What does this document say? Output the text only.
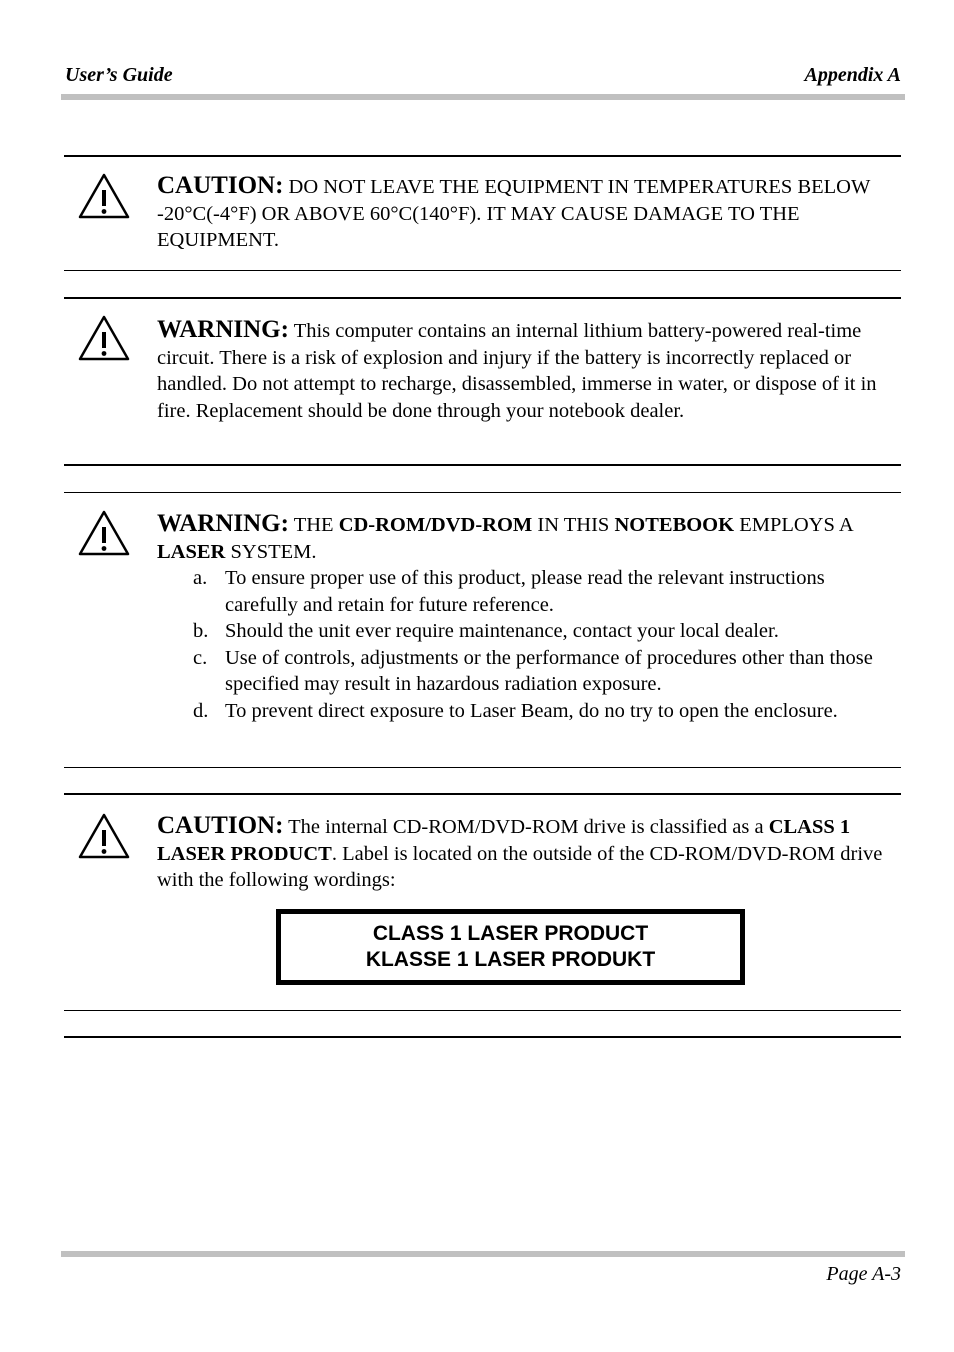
User’s Guide	Appendix A
CAUTION: DO NOT LEAVE THE EQUIPMENT IN TEMPERATURES BELOW -20°C(-4°F) OR ABOVE 60°C(140°F). IT MAY CAUSE DAMAGE TO THE EQUIPMENT.
WARNING: This computer contains an internal lithium battery-powered real-time circuit. There is a risk of explosion and injury if the battery is incorrectly replaced or handled. Do not attempt to recharge, disassembled, immerse in water, or dispose of it in fire. Replacement should be done through your notebook dealer.
WARNING: THE CD-ROM/DVD-ROM IN THIS NOTEBOOK EMPLOYS A LASER SYSTEM.
a. To ensure proper use of this product, please read the relevant instructions carefully and retain for future reference.
b. Should the unit ever require maintenance, contact your local dealer.
c. Use of controls, adjustments or the performance of procedures other than those specified may result in hazardous radiation exposure.
d. To prevent direct exposure to Laser Beam, do no try to open the enclosure.
CAUTION: The internal CD-ROM/DVD-ROM drive is classified as a CLASS 1 LASER PRODUCT. Label is located on the outside of the CD-ROM/DVD-ROM drive with the following wordings:
CLASS 1 LASER PRODUCT
KLASSE 1 LASER PRODUKT
Page A-3
